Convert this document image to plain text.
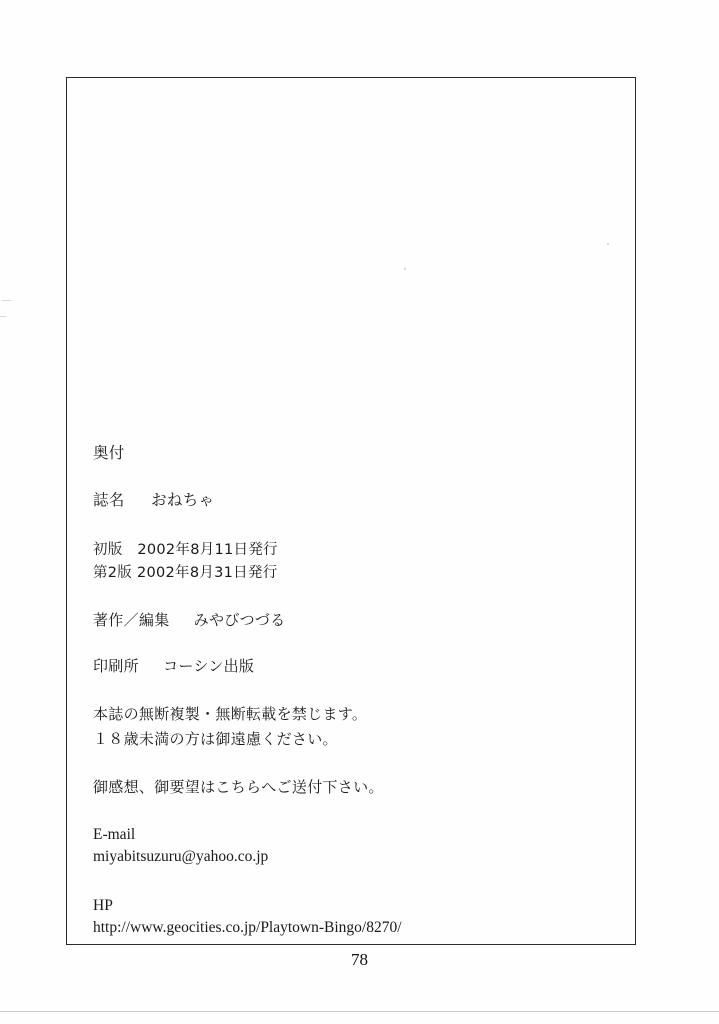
奥付
誌名 おねちゃ
初版　2002年8月11日発行
第2版 2002年8月31日発行
著作／編集 みやびつづる
印刷所 コーシン出版
本誌の無断複製・無断転載を禁じます。
１８歳未満の方は御遠慮ください。
御感想、御要望はこちらへご送付下さい。
E-mail
miyabitsuzuru@yahoo.co.jp
HP
http://www.geocities.co.jp/Playtown-Bingo/8270/
78
